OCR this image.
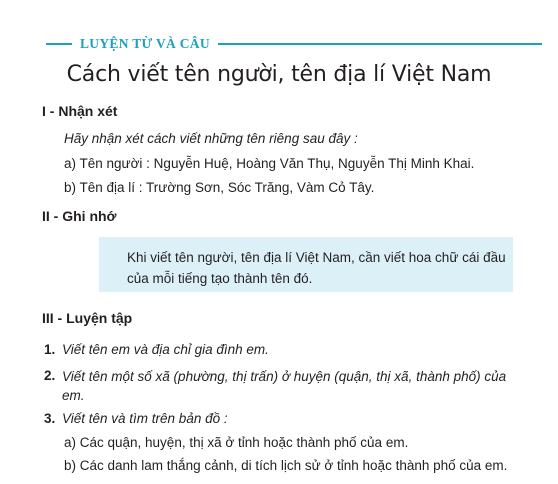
LUYỆN TỪ VÀ CÂU
Cách viết tên người, tên địa lí Việt Nam
I - Nhận xét
Hãy nhận xét cách viết những tên riêng sau đây :
a) Tên người : Nguyễn Huệ, Hoàng Văn Thụ, Nguyễn Thị Minh Khai.
b) Tên địa lí : Trường Sơn, Sóc Trăng, Vàm Cỏ Tây.
II - Ghi nhớ
Khi viết tên người, tên địa lí Việt Nam, cần viết hoa chữ cái đầu
của mỗi tiếng tạo thành tên đó.
III - Luyện tập
1. Viết tên em và địa chỉ gia đình em.
2. Viết tên một số xã (phường, thị trấn) ở huyện (quận, thị xã, thành phố) của em.
3. Viết tên và tìm trên bản đồ :
a) Các quận, huyện, thị xã ở tỉnh hoặc thành phố của em.
b) Các danh lam thắng cảnh, di tích lịch sử ở tỉnh hoặc thành phố của em.
